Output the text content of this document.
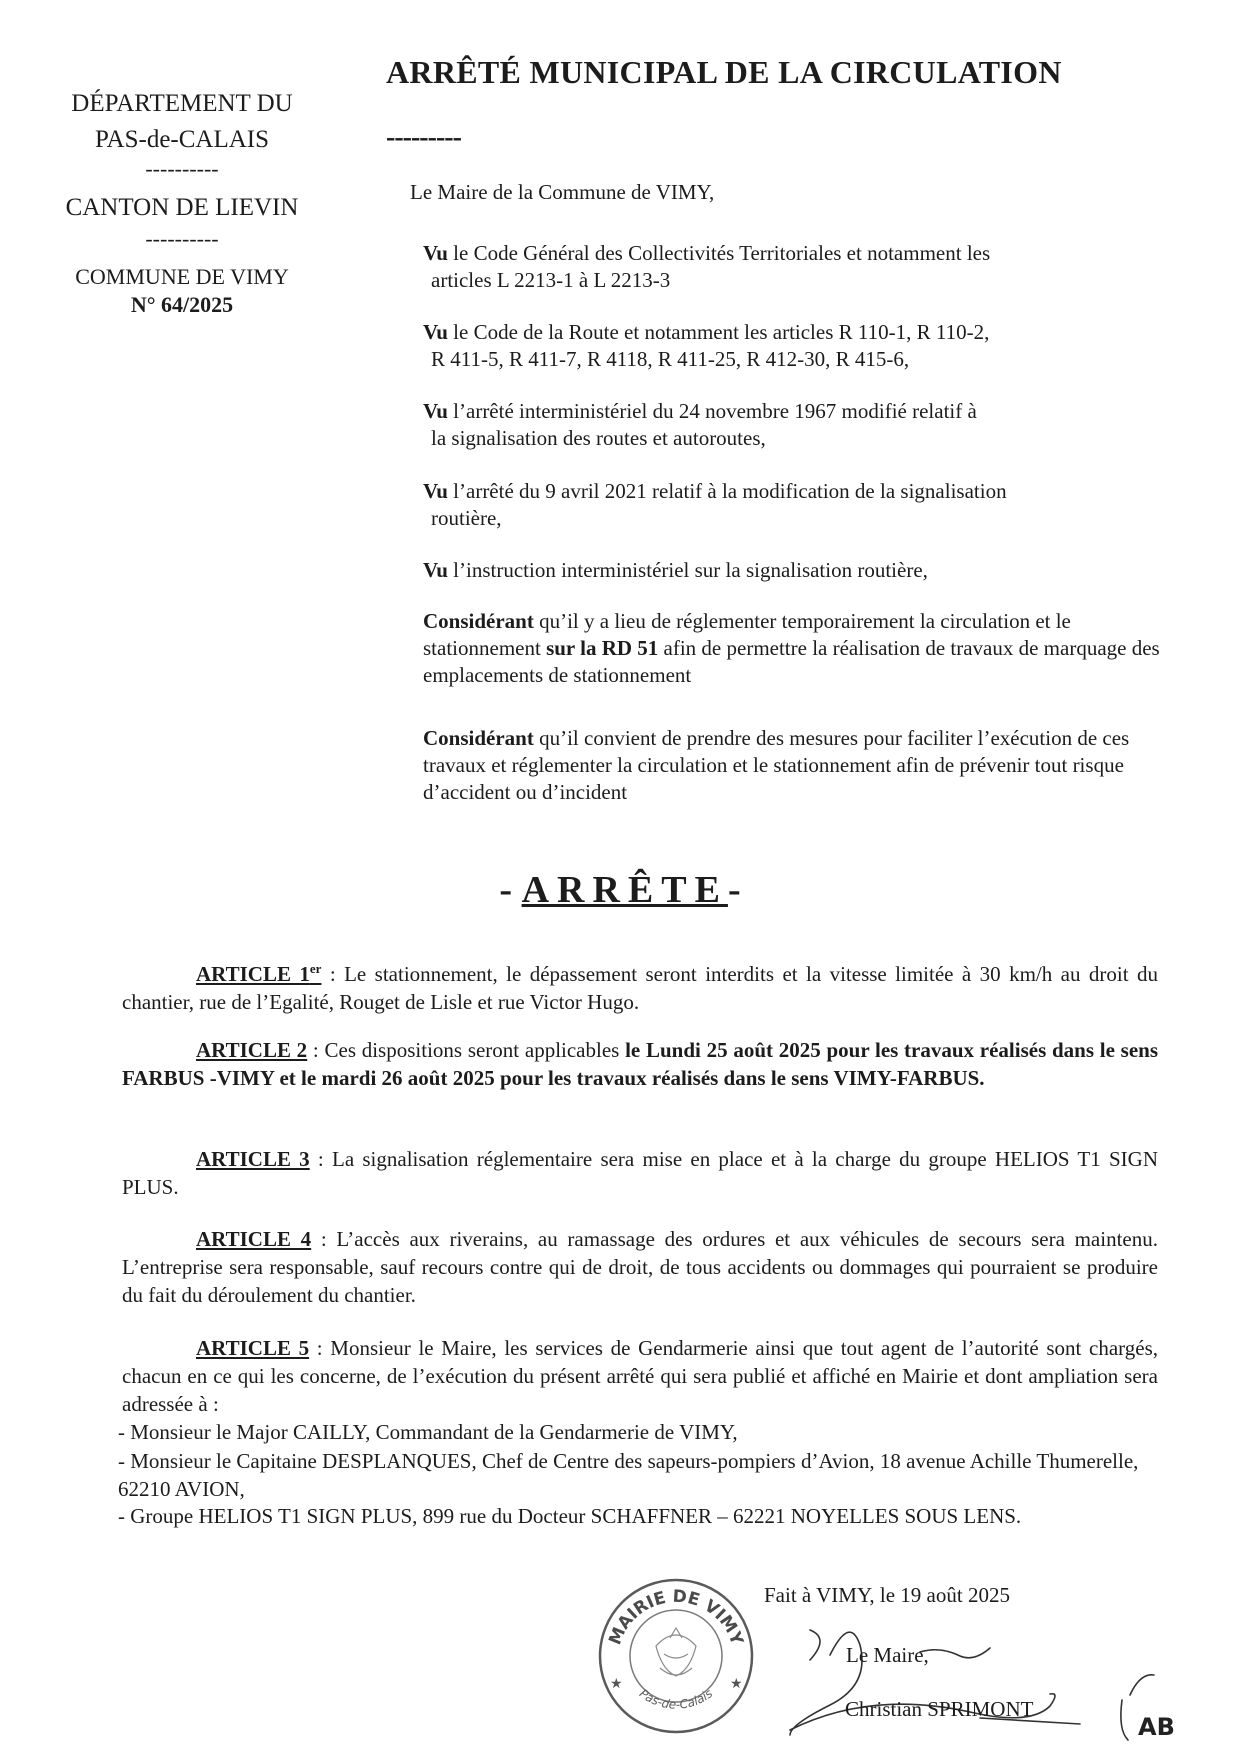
DÉPARTEMENT DU
PAS-de-CALAIS
----------
CANTON DE LIEVIN
----------
COMMUNE DE VIMY
N° 64/2025
ARRÊTÉ MUNICIPAL DE LA CIRCULATION
---------
Le Maire de la Commune de VIMY,
Vu le Code Général des Collectivités Territoriales et notamment les
articles L 2213-1 à L 2213-3
Vu le Code de la Route et notamment les articles R 110-1, R 110-2,
R 411-5, R 411-7, R 4118, R 411-25, R 412-30, R 415-6,
Vu l’arrêté interministériel du 24 novembre 1967 modifié relatif à
la signalisation des routes et autoroutes,
Vu l’arrêté du 9 avril 2021 relatif à la modification de la signalisation
routière,
Vu l’instruction interministériel sur la signalisation routière,
Considérant qu’il y a lieu de réglementer temporairement la circulation et le stationnement sur la RD 51 afin de permettre la réalisation de travaux de marquage des emplacements de stationnement
Considérant qu’il convient de prendre des mesures pour faciliter l’exécution de ces travaux et réglementer la circulation et le stationnement afin de prévenir tout risque d’accident ou d’incident
- ARRÊTE-
ARTICLE 1er : Le stationnement, le dépassement seront interdits et la vitesse limitée à 30 km/h au droit du chantier, rue de l’Egalité, Rouget de Lisle et rue Victor Hugo.
ARTICLE 2 : Ces dispositions seront applicables le Lundi 25 août 2025 pour les travaux réalisés dans le sens FARBUS -VIMY et le mardi 26 août 2025 pour les travaux réalisés dans le sens VIMY-FARBUS.
ARTICLE 3 : La signalisation réglementaire sera mise en place et à la charge du groupe HELIOS T1 SIGN PLUS.
ARTICLE 4 : L’accès aux riverains, au ramassage des ordures et aux véhicules de secours sera maintenu. L’entreprise sera responsable, sauf recours contre qui de droit, de tous accidents ou dommages qui pourraient se produire du fait du déroulement du chantier.
ARTICLE 5 : Monsieur le Maire, les services de Gendarmerie ainsi que tout agent de l’autorité sont chargés, chacun en ce qui les concerne, de l’exécution du présent arrêté qui sera publié et affiché en Mairie et dont ampliation sera adressée à :
- Monsieur le Major CAILLY, Commandant de la Gendarmerie de VIMY,
- Monsieur le Capitaine DESPLANQUES, Chef de Centre des sapeurs-pompiers d’Avion, 18 avenue Achille Thumerelle, 62210 AVION,
- Groupe HELIOS T1 SIGN PLUS, 899 rue du Docteur SCHAFFNER – 62221 NOYELLES SOUS LENS.
MAIRIE DE VIMY
Pas-de-Calais
★	★
AB
Fait à VIMY, le 19 août 2025
Le Maire,
Christian SPRIMONT
